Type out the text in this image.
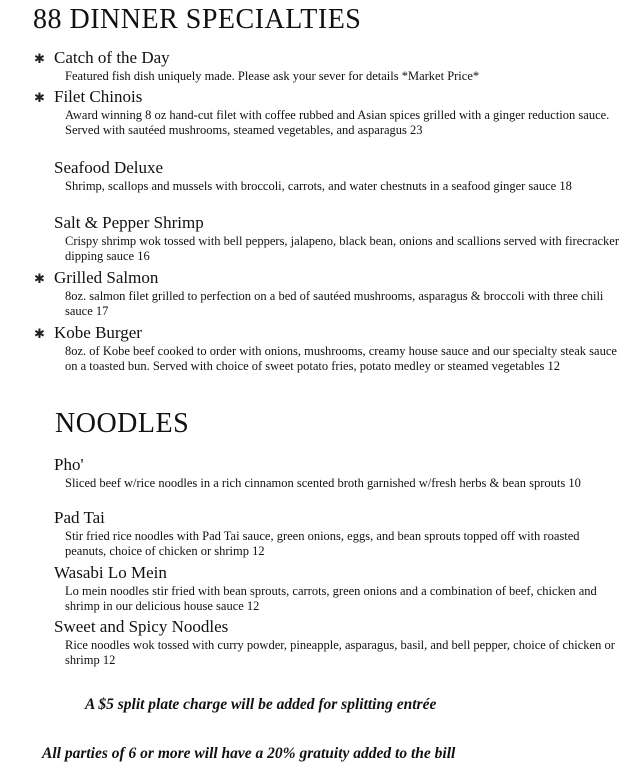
88 DINNER SPECIALTIES
✱ Catch of the Day
Featured fish dish uniquely made. Please ask your sever for details *Market Price*
✱ Filet Chinois
Award winning 8 oz hand-cut filet with coffee rubbed and Asian spices grilled with a ginger reduction sauce. Served with sautéed mushrooms, steamed vegetables, and asparagus 23
Seafood Deluxe
Shrimp, scallops and mussels with broccoli, carrots, and water chestnuts in a seafood ginger sauce 18
Salt & Pepper Shrimp
Crispy shrimp wok tossed with bell peppers, jalapeno, black bean, onions and scallions served with firecracker dipping sauce 16
✱ Grilled Salmon
8oz. salmon filet grilled to perfection on a bed of sautéed mushrooms, asparagus & broccoli with three chili sauce 17
✱ Kobe Burger
8oz. of Kobe beef cooked to order with onions, mushrooms, creamy house sauce and our specialty steak sauce on a toasted bun. Served with choice of sweet potato fries, potato medley or steamed vegetables 12
NOODLES
Pho'
Sliced beef w/rice noodles in a rich cinnamon scented broth garnished w/fresh herbs & bean sprouts 10
Pad Tai
Stir fried rice noodles with Pad Tai sauce, green onions, eggs, and bean sprouts topped off with roasted peanuts, choice of chicken or shrimp 12
Wasabi Lo Mein
Lo mein noodles stir fried with bean sprouts, carrots, green onions and a combination of beef, chicken and shrimp in our delicious house sauce 12
Sweet and Spicy Noodles
Rice noodles wok tossed with curry powder, pineapple, asparagus, basil, and bell pepper, choice of chicken or shrimp 12

A $5 split plate charge will be added for splitting entrée

All parties of 6 or more will have a 20% gratuity added to the bill
